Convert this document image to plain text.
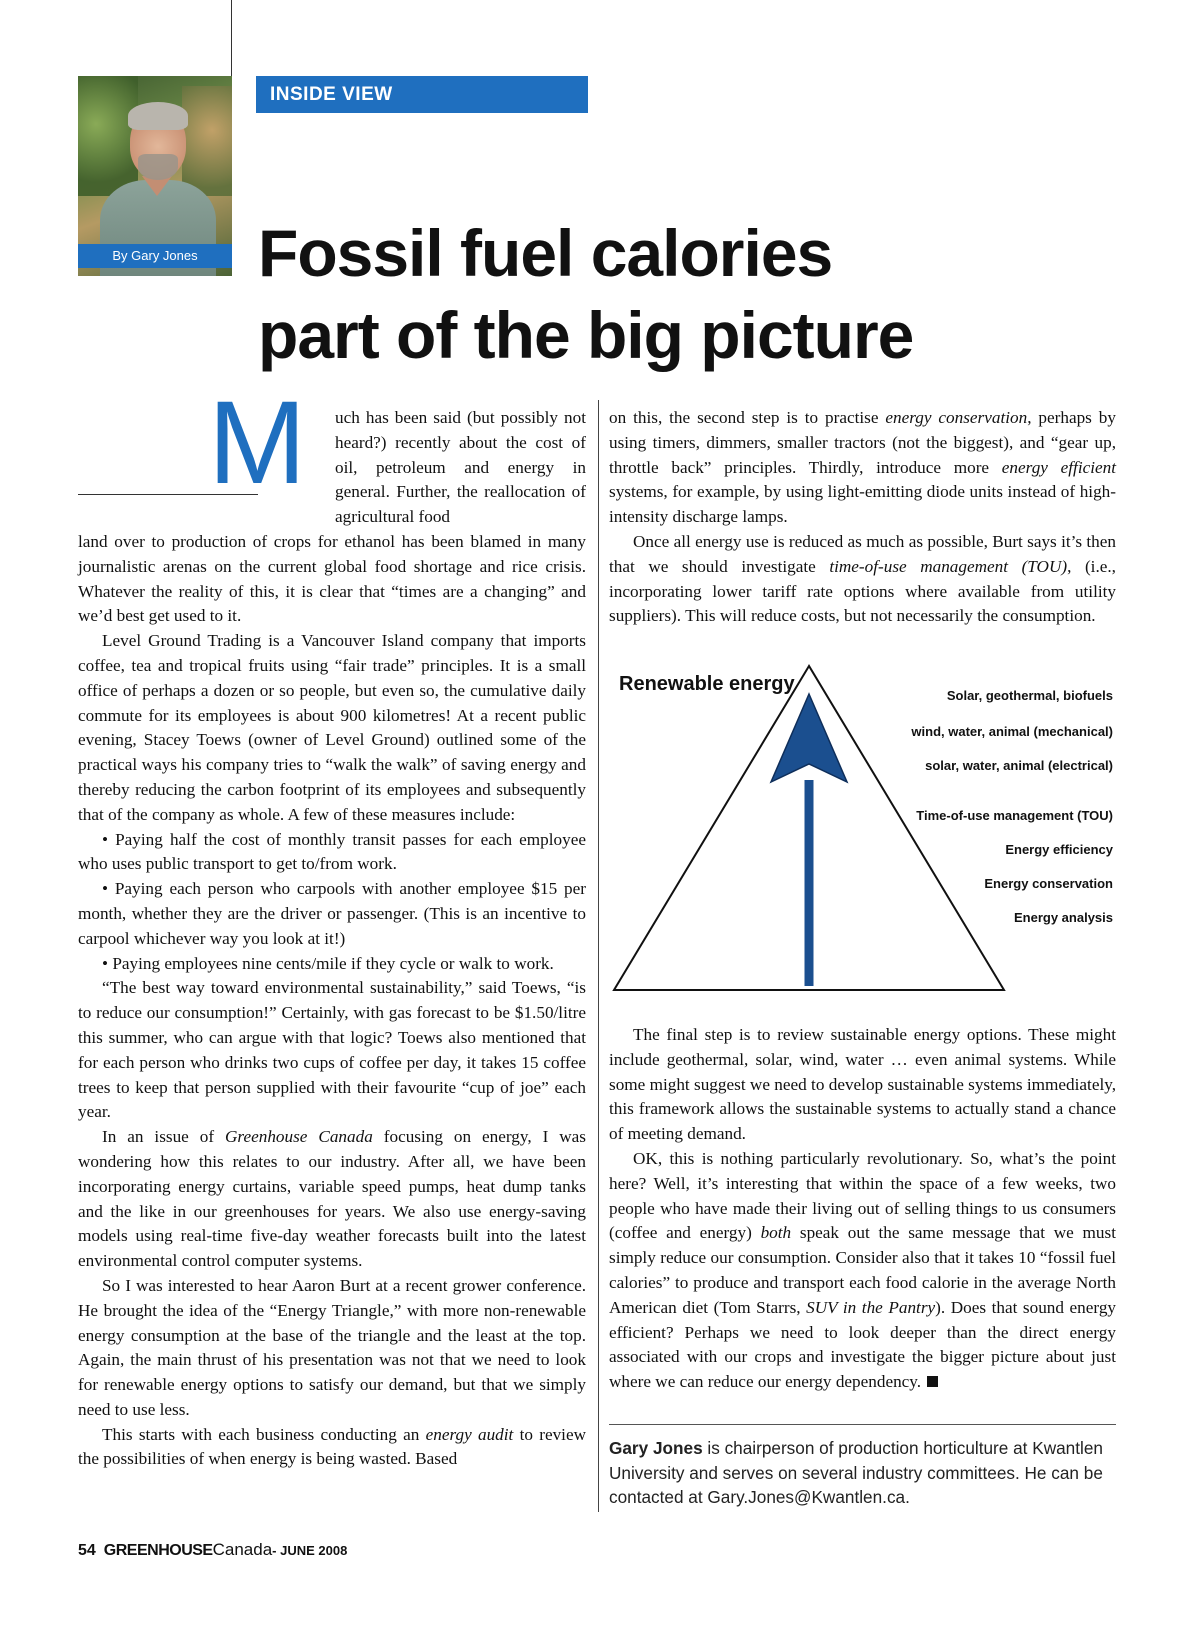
By Gary Jones
INSIDE VIEW
Fossil fuel calories
part of the big picture
M uch has been said (but possibly not heard?) recently about the cost of oil, petroleum and energy in general. Further, the reallocation of agricultural food

land over to production of crops for ethanol has been blamed in many journalistic arenas on the current global food shortage and rice crisis. Whatever the reality of this, it is clear that “times are a changing” and we’d best get used to it.

Level Ground Trading is a Vancouver Island company that imports coffee, tea and tropical fruits using “fair trade” principles. It is a small office of perhaps a dozen or so people, but even so, the cumulative daily commute for its employees is about 900 kilometres! At a recent public evening, Stacey Toews (owner of Level Ground) outlined some of the practical ways his company tries to “walk the walk” of saving energy and thereby reducing the carbon footprint of its employees and subsequently that of the company as whole. A few of these measures include:

• Paying half the cost of monthly transit passes for each employee who uses public transport to get to/from work.

• Paying each person who carpools with another employee $15 per month, whether they are the driver or passenger. (This is an incentive to carpool whichever way you look at it!)

• Paying employees nine cents/mile if they cycle or walk to work.

“The best way toward environmental sustainability,” said Toews, “is to reduce our consumption!” Certainly, with gas forecast to be $1.50/litre this summer, who can argue with that logic? Toews also mentioned that for each person who drinks two cups of coffee per day, it takes 15 coffee trees to keep that person supplied with their favourite “cup of joe” each year.

In an issue of Greenhouse Canada focusing on energy, I was wondering how this relates to our industry. After all, we have been incorporating energy curtains, variable speed pumps, heat dump tanks and the like in our greenhouses for years. We also use energy-saving models using real-time five-day weather forecasts built into the latest environmental control computer systems.

So I was interested to hear Aaron Burt at a recent grower conference. He brought the idea of the “Energy Triangle,” with more non-renewable energy consumption at the base of the triangle and the least at the top. Again, the main thrust of his presentation was not that we need to look for renewable energy options to satisfy our demand, but that we simply need to use less.

This starts with each business conducting an energy audit to review the possibilities of when energy is being wasted. Based

on this, the second step is to practise energy conservation, perhaps by using timers, dimmers, smaller tractors (not the biggest), and “gear up, throttle back” principles. Thirdly, introduce more energy efficient systems, for example, by using light-emitting diode units instead of high-intensity discharge lamps.

Once all energy use is reduced as much as possible, Burt says it’s then that we should investigate time-of-use management (TOU), (i.e., incorporating lower tariff rate options where available from utility suppliers). This will reduce costs, but not necessarily the consumption.

Renewable energy
Solar, geothermal, biofuels
wind, water, animal (mechanical)
solar, water, animal (electrical)
Time-of-use management (TOU)
Energy efficiency
Energy conservation
Energy analysis

The final step is to review sustainable energy options. These might include geothermal, solar, wind, water … even animal systems. While some might suggest we need to develop sustainable systems immediately, this framework allows the sustainable systems to actually stand a chance of meeting demand.

OK, this is nothing particularly revolutionary. So, what’s the point here? Well, it’s interesting that within the space of a few weeks, two people who have made their living out of selling things to us consumers (coffee and energy) both speak out the same message that we must simply reduce our consumption. Consider also that it takes 10 “fossil fuel calories” to produce and transport each food calorie in the average North American diet (Tom Starrs, SUV in the Pantry). Does that sound energy efficient? Perhaps we need to look deeper than the direct energy associated with our crops and investigate the bigger picture about just where we can reduce our energy dependency.

Gary Jones is chairperson of production horticulture at Kwantlen University and serves on several industry committees. He can be contacted at Gary.Jones@Kwantlen.ca.
54 GREENHOUSECanada- JUNE 2008
